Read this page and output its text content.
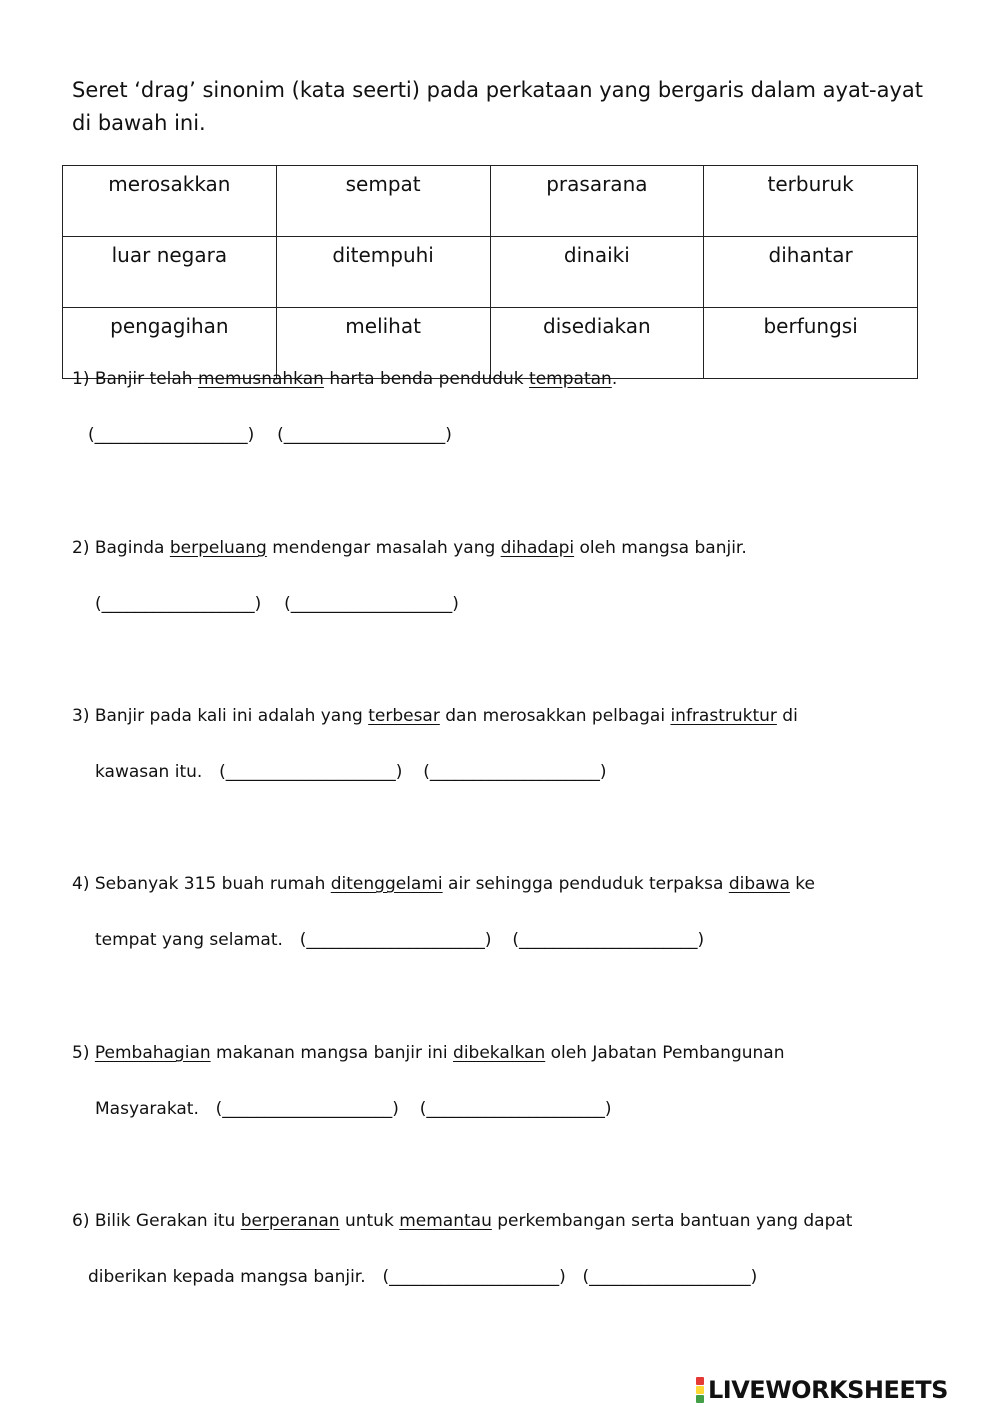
Seret ‘drag’ sinonim (kata seerti) pada perkataan yang bergaris dalam ayat-ayat di bawah ini.

merosakkan	sempat	prasarana	terburuk
luar negara	ditempuhi	dinaiki	dihantar
pengagihan	melihat	disediakan	berfungsi
1) Banjir telah memusnahkan harta benda penduduk tempatan.
(__________________) (___________________)
2) Baginda berpeluang mendengar masalah yang dihadapi oleh mangsa banjir.
(__________________) (___________________)
3) Banjir pada kali ini adalah yang terbesar dan merosakkan pelbagai infrastruktur di
kawasan itu. (____________________) (____________________)
4) Sebanyak 315 buah rumah ditenggelami air sehingga penduduk terpaksa dibawa ke
tempat yang selamat. (_____________________) (_____________________)
5) Pembahagian makanan mangsa banjir ini dibekalkan oleh Jabatan Pembangunan
Masyarakat. (____________________) (_____________________)
6) Bilik Gerakan itu berperanan untuk memantau perkembangan serta bantuan yang dapat
diberikan kepada mangsa banjir. (____________________) (___________________)
LIVEWORKSHEETS
